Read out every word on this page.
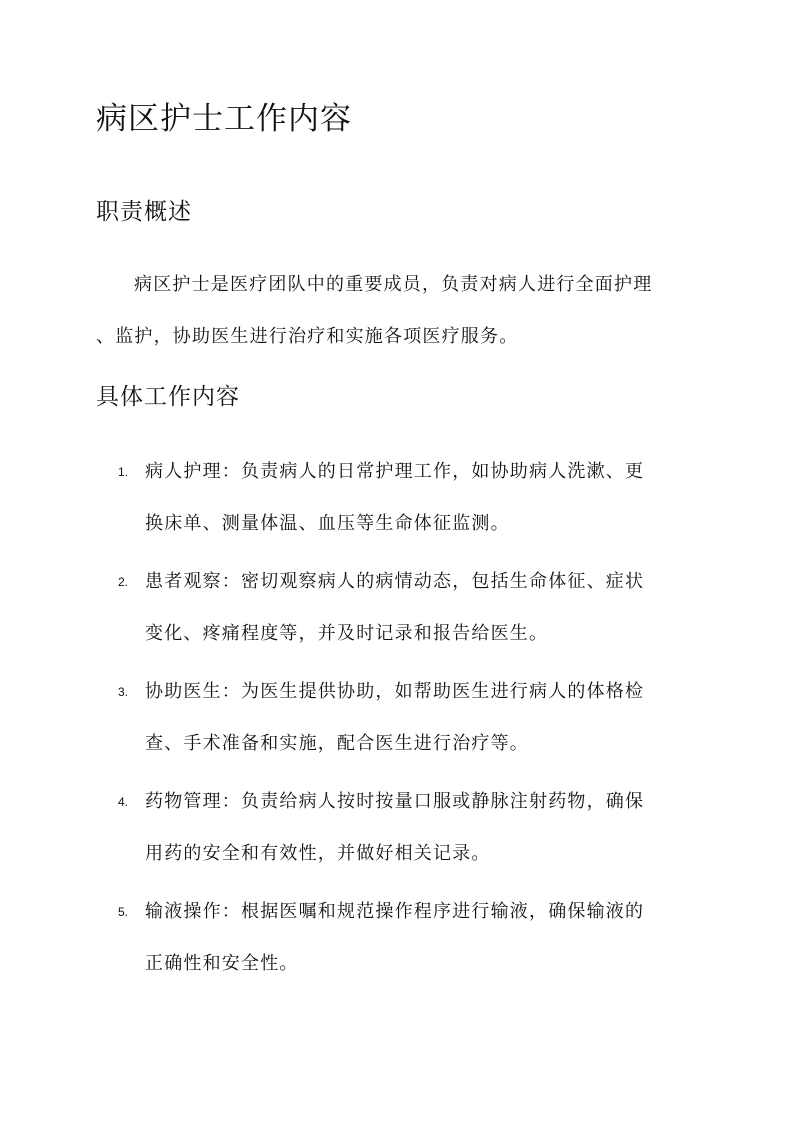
病区护士工作内容
职责概述

病区护士是医疗团队中的重要成员，负责对病人进行全面护理
、监护，协助医生进行治疗和实施各项医疗服务。

具体工作内容
1. 病人护理：负责病人的日常护理工作，如协助病人洗漱、更
换床单、测量体温、血压等生命体征监测。
2. 患者观察：密切观察病人的病情动态，包括生命体征、症状
变化、疼痛程度等，并及时记录和报告给医生。
3. 协助医生：为医生提供协助，如帮助医生进行病人的体格检
查、手术准备和实施，配合医生进行治疗等。
4. 药物管理：负责给病人按时按量口服或静脉注射药物，确保
用药的安全和有效性，并做好相关记录。
5. 输液操作：根据医嘱和规范操作程序进行输液，确保输液的
正确性和安全性。
